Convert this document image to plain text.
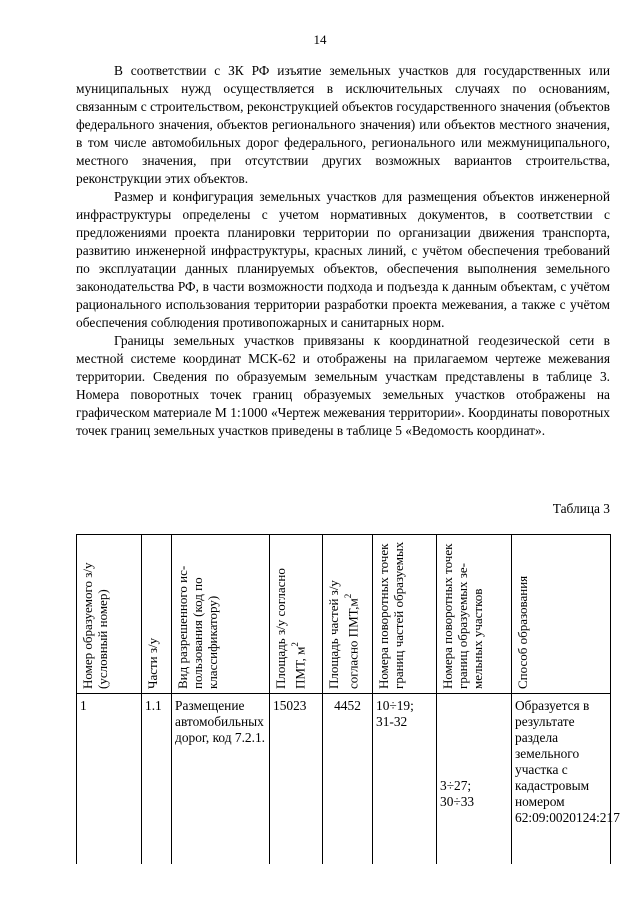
14

В соответствии с ЗК РФ изъятие земельных участков для государственных или муниципальных нужд осуществляется в исключительных случаях по основаниям, связанным с строительством, реконструкцией объектов государственного значения (объектов федерального значения, объектов регионального значения) или объектов местного значения, в том числе автомобильных дорог федерального, регионального или межмуниципального, местного значения, при отсутствии других возможных вариантов строительства, реконструкции этих объектов.

Размер и конфигурация земельных участков для размещения объектов инженерной инфраструктуры определены с учетом нормативных документов, в соответствии с предложениями проекта планировки территории по организации движения транспорта, развитию инженерной инфраструктуры, красных линий, с учётом обеспечения требований по эксплуатации данных планируемых объектов, обеспечения выполнения земельного законодательства РФ, в части возможности подхода и подъезда к данным объектам, с учётом рационального использования территории разработки проекта межевания, а также с учётом обеспечения соблюдения противопожарных и санитарных норм.

Границы земельных участков привязаны к координатной геодезической сети в местной системе координат МСК-62 и отображены на прилагаемом чертеже межевания территории. Сведения по образуемым земельным участкам представлены в таблице 3. Номера поворотных точек границ образуемых земельных участков отображены на графическом материале М 1:1000 «Чертеж межевания территории». Координаты поворотных точек границ земельных участков приведены в таблице 5 «Ведомость координат».

Таблица 3
Номер образуемого з/у (условный номер)	Части з/у	Вид разрешенного ис-пользования (код по классификатору)	Площадь з/у согласно ПМТ, $м^2$	Площадь частей з/у согласно $ПМТ,м^2$	Номера поворотных точек границ частей образуемых	Номера поворотных точек границ образуемых зе-мельных участков	Способ образования

1	1.1	Размещение автомобильных дорог, код 7.2.1.	15023	4452	10÷19; 31-32	3÷27; 30÷33	Образуется в результате раздела земельного участка с кадастровым номером 62:09:0020124:217
